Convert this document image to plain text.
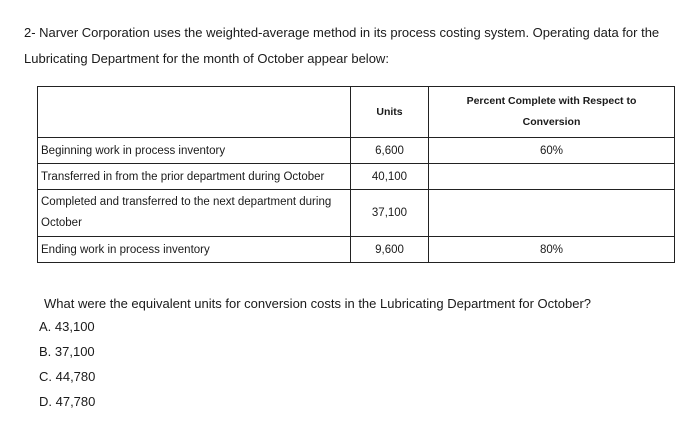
2- Narver Corporation uses the weighted-average method in its process costing system. Operating data for the Lubricating Department for the month of October appear below:

	Units	Percent Complete with Respect to Conversion
Beginning work in process inventory	6,600	60%
Transferred in from the prior department during October	40,100	
Completed and transferred to the next department during October	37,100	
Ending work in process inventory	9,600	80%

What were the equivalent units for conversion costs in the Lubricating Department for October?

A. 43,100
B. 37,100
C. 44,780
D. 47,780
